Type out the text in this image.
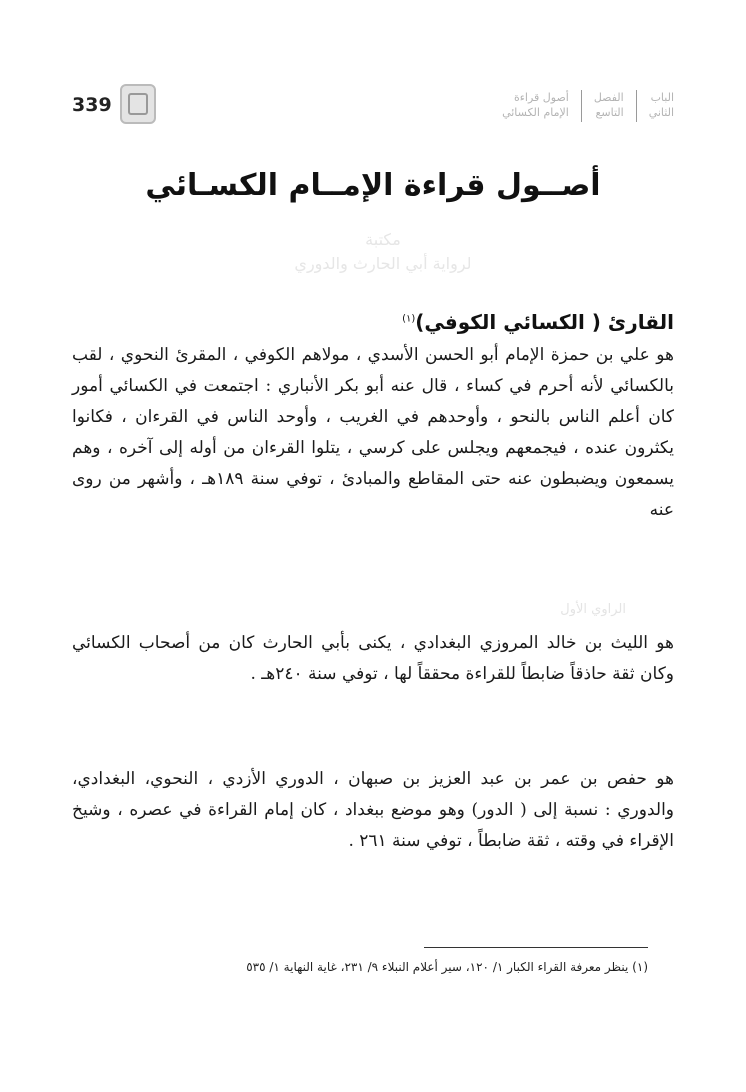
339	الباب
الثاني
الفصل
التاسع
أصول قراءة
الإمام الكسائي
أصــول قراءة الإمــام الكسـائي
مكتبة
لرواية أبي الحارث والدوري
القارئ ( الكسائي الكوفي)$^{(١)}$

هو علي بن حمزة الإمام أبو الحسن الأسدي ، مولاهم الكوفي ، المقرئ النحوي ، لقب بالكسائي لأنه أحرم في كساء ، قال عنه أبو بكر الأنباري : اجتمعت في الكسائي أمور كان أعلم الناس بالنحو ، وأوحدهم في الغريب ، وأوحد الناس في القرءان ، فكانوا يكثرون عنده ، فيجمعهم ويجلس على كرسي ، يتلوا القرءان من أوله إلى آخره ، وهم يسمعون ويضبطون عنه حتى المقاطع والمبادئ ، توفي سنة ١٨٩هـ ، وأشهر من روى عنه

الراوي الأول

هو الليث بن خالد المروزي البغدادي ، يكنى بأبي الحارث كان من أصحاب الكسائي وكان ثقة حاذقاً ضابطاً للقراءة محققاً لها ، توفي سنة ٢٤٠هـ .

هو حفص بن عمر بن عبد العزيز بن صبهان ، الدوري الأزدي ، النحوي، البغدادي، والدوري : نسبة إلى ( الدور) وهو موضع ببغداد ، كان إمام القراءة في عصره ، وشيخ الإقراء في وقته ، ثقة ضابطاً ، توفي سنة ٢٦١ .

(١) ينظر معرفة القراء الكبار ١/ ١٢٠، سير أعلام النبلاء ٩/ ٢٣١، غاية النهاية ١/ ٥٣٥
